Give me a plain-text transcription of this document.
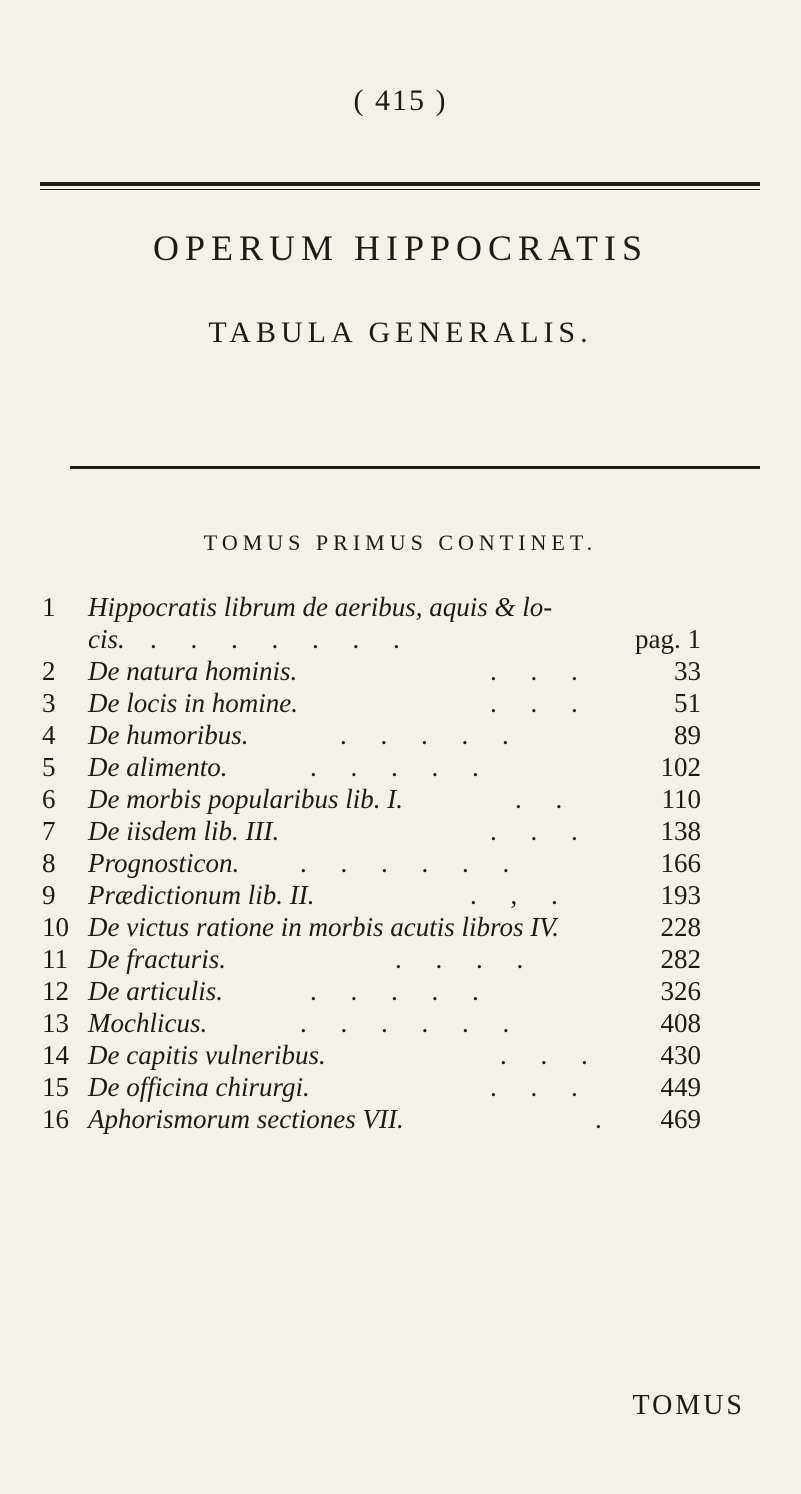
( 415 )
OPERUM HIPPOCRATIS
TABULA GENERALIS.
TOMUS PRIMUS CONTINET.
1	Hippocratis librum de aeribus, aquis & lo-
cis. .     .     .     .     .     .     .	pag. 1
2	De natura hominis.	.     .     .	33
3	De locis in homine.	.     .     .	51
4	De humoribus.	.     .     .     .     .	89
5	De alimento.	.     .     .     .     .	102
6	De morbis popularibus lib. I.	.     .	110
7	De iisdem lib. III.	.     .     .	138
8	Prognosticon. .     .     .     .     .     .	166
9	Prædictionum lib. II.	.     ,     .	193
10 De victus ratione in morbis acutis libros IV.	228
11 De fracturis.	.     .     .     .	282
12 De articulis.	.     .     .     .     .	326
13 Mochlicus.	.     .     .     .     .     .	408
14 De capitis vulneribus.	.     .     .	430
15 De officina chirurgi.	.     .     .	449
16 Aphorismorum sectiones VII.	. 469
TOMUS
